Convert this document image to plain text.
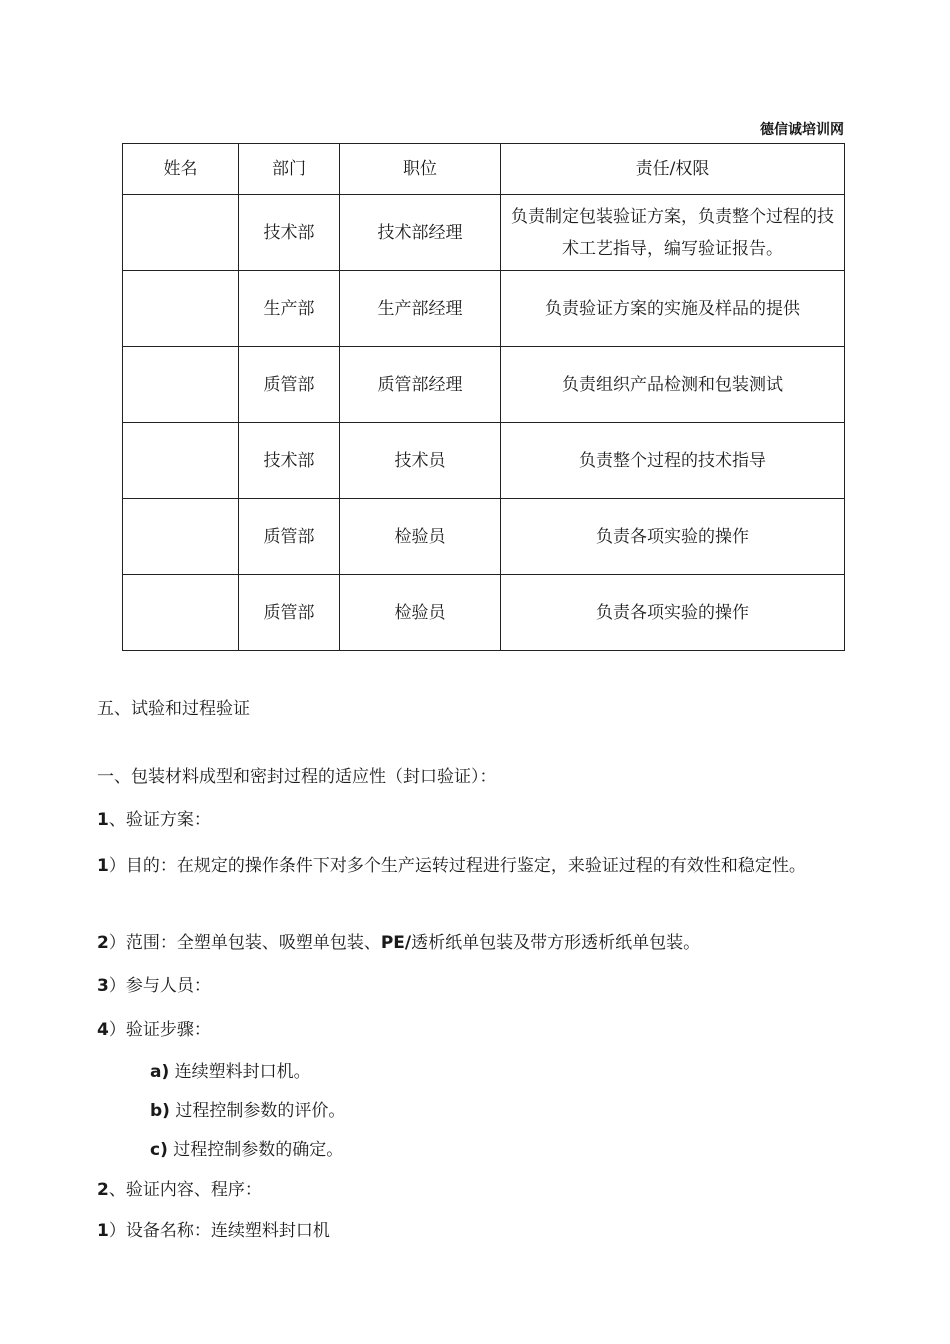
德信诚培训网
姓名	部门	职位	责任/权限
	技术部	技术部经理	负责制定包装验证方案，负责整个过程的技术工艺指导，编写验证报告。
	生产部	生产部经理	负责验证方案的实施及样品的提供
	质管部	质管部经理	负责组织产品检测和包装测试
	技术部	技术员	负责整个过程的技术指导
	质管部	检验员	负责各项实验的操作
	质管部	检验员	负责各项实验的操作
五、试验和过程验证
一、包装材料成型和密封过程的适应性（封口验证）：
1、验证方案：
1）目的：在规定的操作条件下对多个生产运转过程进行鉴定，来验证过程的有效性和稳定性。
2）范围：全塑单包装、吸塑单包装、PE/透析纸单包装及带方形透析纸单包装。
3）参与人员：
4）验证步骤：
a) 连续塑料封口机。
b) 过程控制参数的评价。
c) 过程控制参数的确定。
2、验证内容、程序：
1）设备名称：连续塑料封口机
